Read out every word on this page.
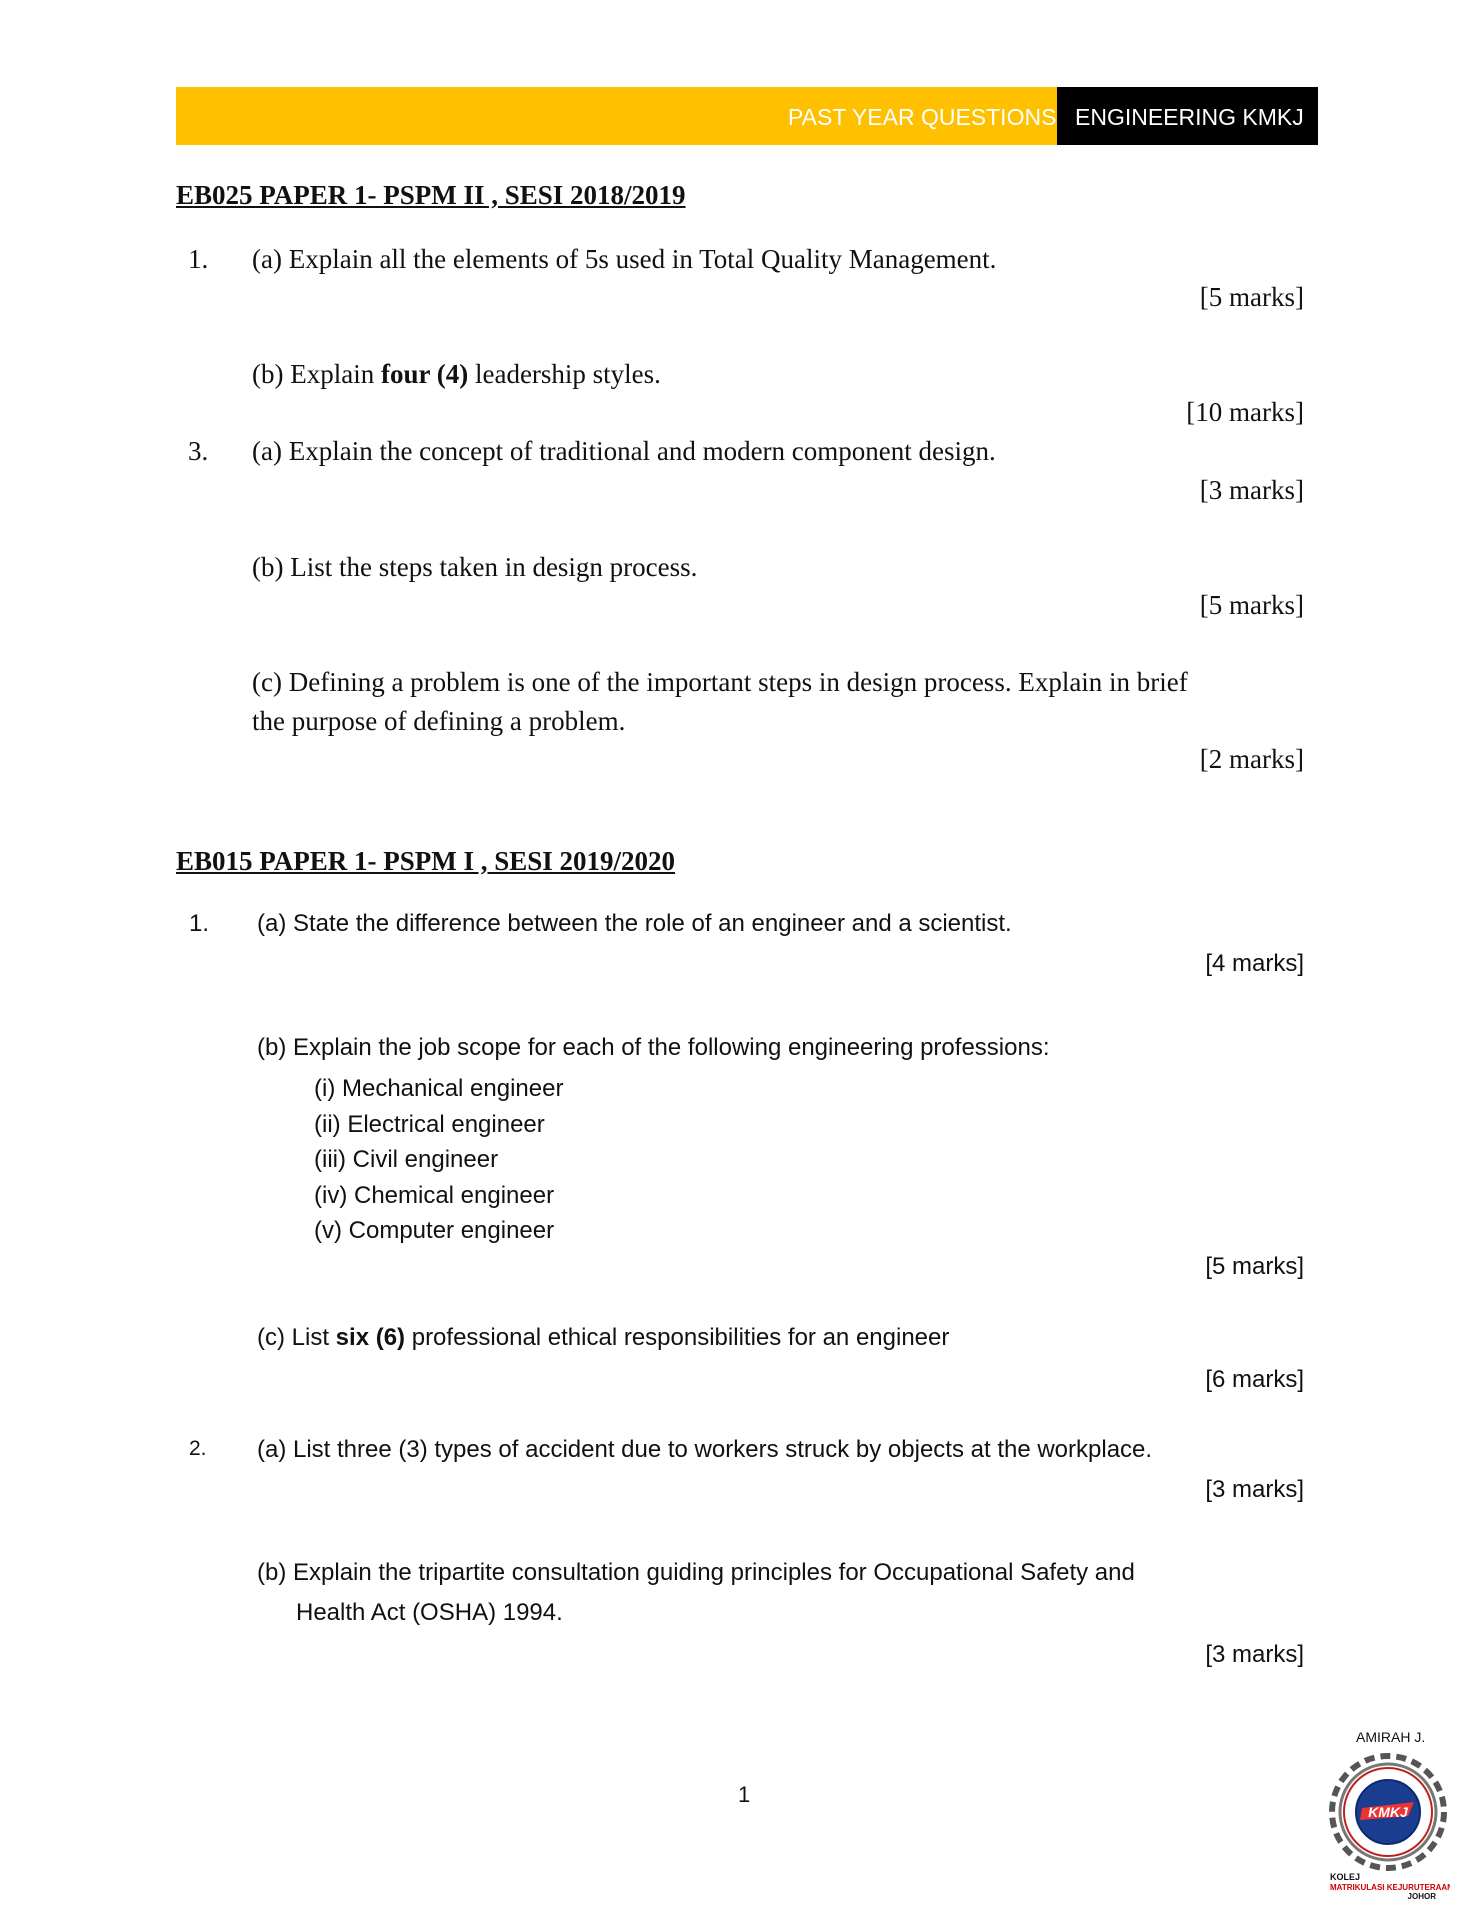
PAST YEAR QUESTIONS ENGINEERING KMKJ
EB025 PAPER 1- PSPM II , SESI 2018/2019
1. (a) Explain all the elements of 5s used in Total Quality Management.
[5 marks]
(b) Explain four (4) leadership styles.
[10 marks]
3. (a) Explain the concept of traditional and modern component design.
[3 marks]
(b) List the steps taken in design process.
[5 marks]
(c) Defining a problem is one of the important steps in design process. Explain in brief
the purpose of defining a problem.
[2 marks]
EB015 PAPER 1- PSPM I , SESI 2019/2020
1. (a) State the difference between the role of an engineer and a scientist.
[4 marks]
(b) Explain the job scope for each of the following engineering professions:
(i) Mechanical engineer
(ii) Electrical engineer
(iii) Civil engineer
(iv) Chemical engineer
(v) Computer engineer
[5 marks]
(c) List six (6) professional ethical responsibilities for an engineer
[6 marks]
2. (a) List three (3) types of accident due to workers struck by objects at the workplace.
[3 marks]
(b) Explain the tripartite consultation guiding principles for Occupational Safety and
Health Act (OSHA) 1994.
[3 marks]
AMIRAH J.
1
KMKJ
KOLEJ
MATRIKULASI KEJURUTERAAN
JOHOR
